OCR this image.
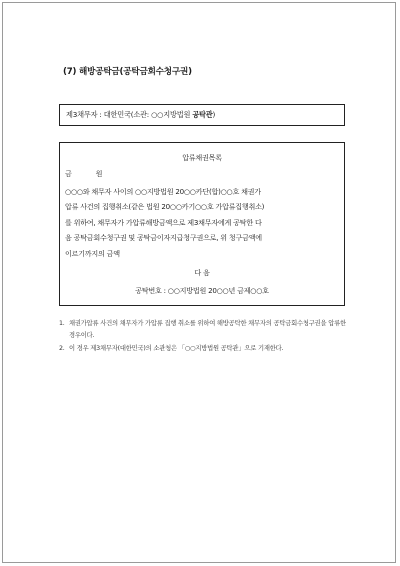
(7) 해방공탁금(공탁금회수청구권)
제3채무자 : 대한민국(소관: ○○지방법원 공탁관)
압류채권목록
금 원
○○○와 채무자 사이의 ○○지방법원 20○○카단(합)○○호 채권가
압류 사건의 집행취소(같은 법원 20○○카기○○호 가압류집행취소)
를 위하여, 채무자가 가압류해방금액으로 제3채무자에게 공탁한 다
음 공탁금회수청구권 및 공탁금이자지급청구권으로, 위 청구금액에
이르기까지의 금액
다 음
공탁번호 : ○○지방법원 20○○년 금제○○호
1. 채권가압류 사건의 채무자가 가압류 집행 취소를 위하여 해방공탁한 채무자의 공탁금회수청구권을 압류한 경우이다.
2. 이 경우 제3채무자(대한민국)의 소관청은 「○○지방법원 공탁관」으로 기재한다.
